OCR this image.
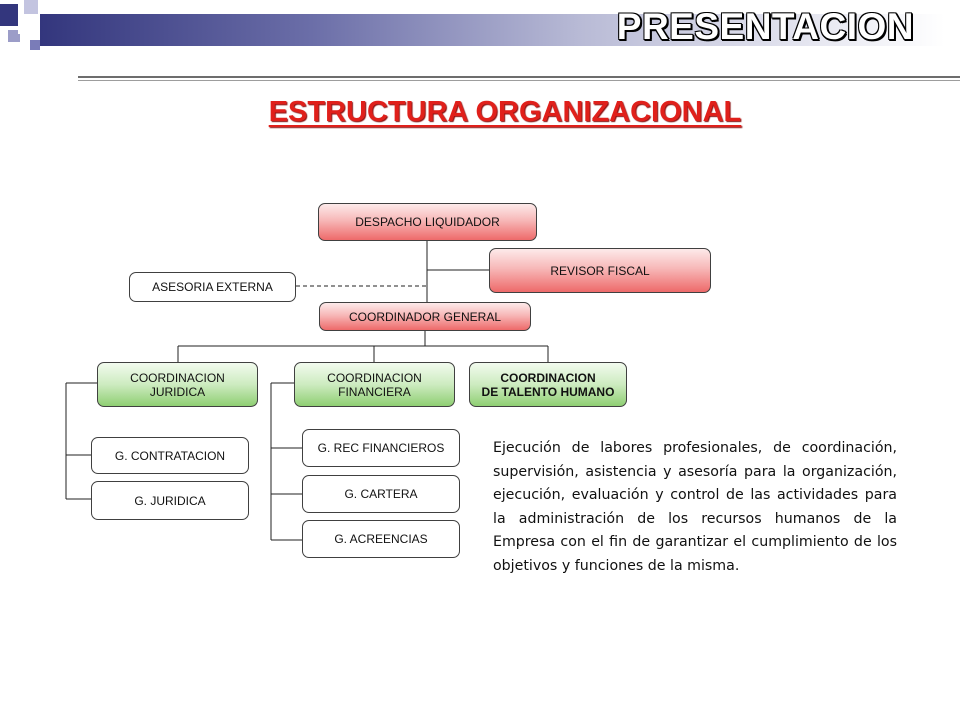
PRESENTACION
ESTRUCTURA ORGANIZACIONAL
DESPACHO LIQUIDADOR
REVISOR FISCAL
ASESORIA EXTERNA
COORDINADOR GENERAL
COORDINACION
JURIDICA
COORDINACION
FINANCIERA
COORDINACION
DE TALENTO HUMANO
G. CONTRATACION
G. JURIDICA
G. REC FINANCIEROS
G. CARTERA
G. ACREENCIAS
Ejecución de labores profesionales, de coordinación, supervisión, asistencia y asesoría para la organización, ejecución, evaluación y control de las actividades para la administración de los recursos humanos de la Empresa con el fin de garantizar el cumplimiento de los objetivos y funciones de la misma.
